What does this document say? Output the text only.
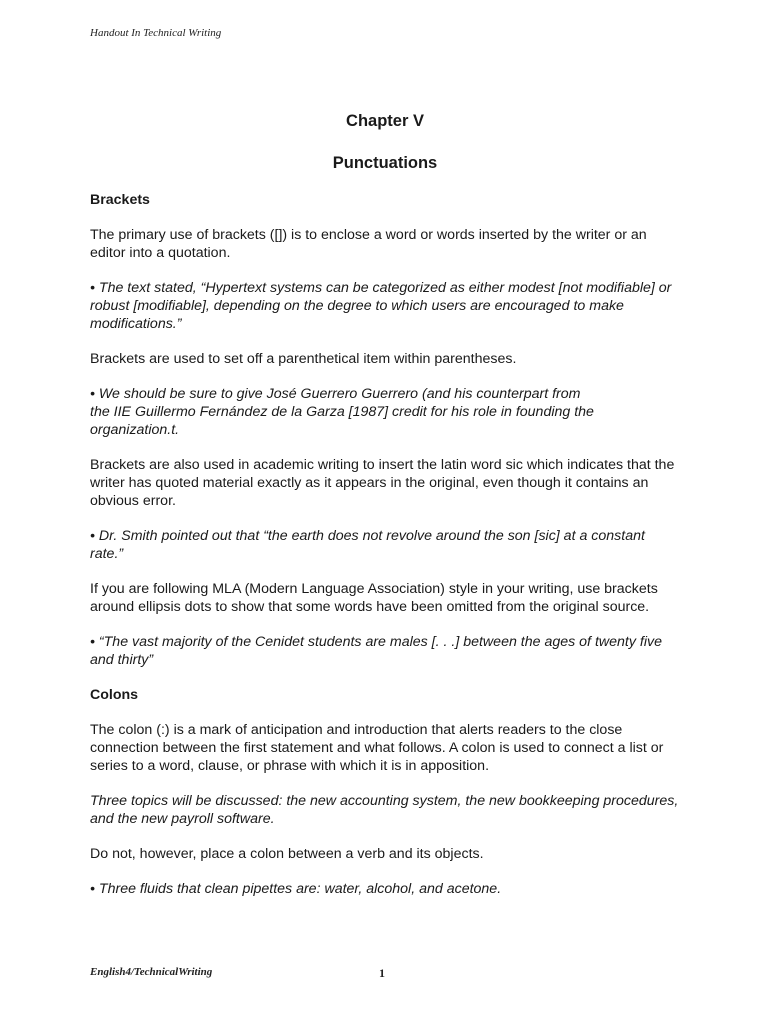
Handout In Technical Writing
Chapter V
Punctuations
Brackets

The primary use of brackets ([]) is to enclose a word or words inserted by the writer or an editor into a quotation.

• The text stated, “Hypertext systems can be categorized as either modest [not modifiable] or robust [modifiable], depending on the degree to which users are encouraged to make modifications.”

Brackets are used to set off a parenthetical item within parentheses.

• We should be sure to give José Guerrero Guerrero (and his counterpart from
the IIE Guillermo Fernández de la Garza [1987] credit for his role in founding the organization.t.

Brackets are also used in academic writing to insert the latin word sic which indicates that the writer has quoted material exactly as it appears in the original, even though it contains an obvious error.

• Dr. Smith pointed out that “the earth does not revolve around the son [sic] at a constant rate.”

If you are following MLA (Modern Language Association) style in your writing, use brackets around ellipsis dots to show that some words have been omitted from the original source.

• “The vast majority of the Cenidet students are males [. . .] between the ages of twenty five and thirty”

Colons

The colon (:) is a mark of anticipation and introduction that alerts readers to the close connection between the first statement and what follows. A colon is used to connect a list or series to a word, clause, or phrase with which it is in apposition.

Three topics will be discussed: the new accounting system, the new bookkeeping procedures, and the new payroll software.

Do not, however, place a colon between a verb and its objects.

• Three fluids that clean pipettes are: water, alcohol, and acetone.

English4/TechnicalWriting	1
